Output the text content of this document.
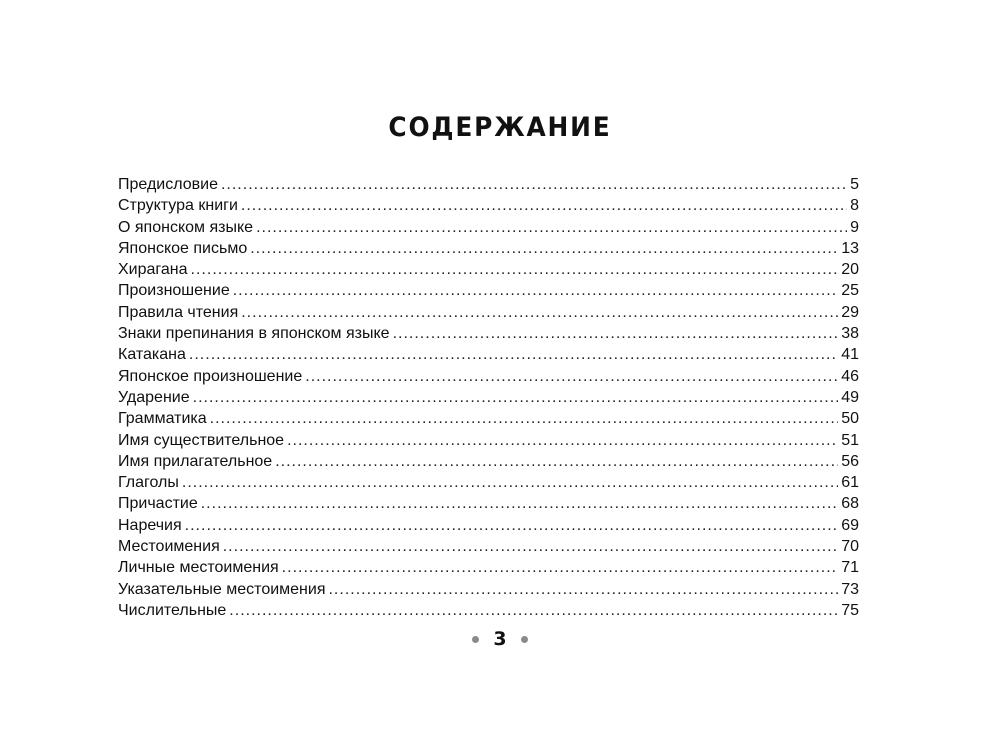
СОДЕРЖАНИЕ
Предисловие .....	5
Структура книги .....	8
О японском языке .....	9
Японское письмо .....	13
Хирагана .....	20
Произношение .....	25
Правила чтения .....	29
Знаки препинания в японском языке .....	38
Катакана .....	41
Японское произношение .....	46
Ударение .....	49
Грамматика .....	50
Имя существительное .....	51
Имя прилагательное .....	56
Глаголы .....	61
Причастие .....	68
Наречия .....	69
Местоимения .....	70
Личные местоимения .....	71
Указательные местоимения .....	73
Числительные .....	75
3
